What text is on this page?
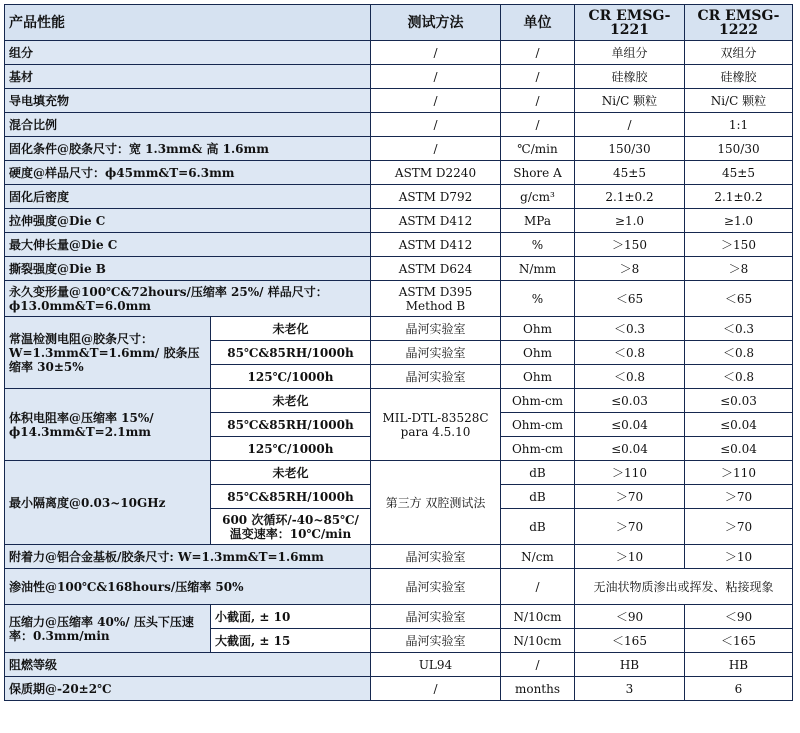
产品性能		测试方法	单位	CR EMSG-1221	CR EMSG-1222
组分		/	/	单组分	双组分
基材		/	/	硅橡胶	硅橡胶
导电填充物		/	/	Ni/C 颗粒	Ni/C 颗粒
混合比例		/	/	/	1:1
固化条件@胶条尺寸：宽 1.3mm& 高 1.6mm		/	℃/min	150/30	150/30
硬度@样品尺寸：ϕ45mm&T=6.3mm		ASTM D2240	Shore A	45±5	45±5
固化后密度		ASTM D792	g/cm³	2.1±0.2	2.1±0.2
拉伸强度@Die C		ASTM D412	MPa	≥1.0	≥1.0
最大伸长量@Die C		ASTM D412	%	＞150	＞150
撕裂强度@Die B		ASTM D624	N/mm	＞8	＞8
永久变形量@100℃&72hours/压缩率 25%/ 样品尺寸：ϕ13.0mm&T=6.0mm		ASTM D395 Method B	%	＜65	＜65
常温检测电阻@胶条尺寸： W=1.3mm&T=1.6mm/ 胶条压缩率 30±5%	未老化	晶河实验室	Ohm	＜0.3	＜0.3
	85℃&85RH/1000h	晶河实验室	Ohm	＜0.8	＜0.8
	125℃/1000h	晶河实验室	Ohm	＜0.8	＜0.8
体积电阻率@压缩率 15%/ ϕ14.3mm&T=2.1mm	未老化	MIL-DTL-83528C para 4.5.10	Ohm-cm	≤0.03	≤0.03
	85℃&85RH/1000h		Ohm-cm	≤0.04	≤0.04
	125℃/1000h		Ohm-cm	≤0.04	≤0.04
最小隔离度@0.03~10GHz	未老化	第三方 双腔测试法	dB	＞110	＞110
	85℃&85RH/1000h		dB	＞70	＞70
	600 次循环/-40~85℃/ 温变速率：10℃/min		dB	＞70	＞70
附着力@铝合金基板/胶条尺寸: W=1.3mm&T=1.6mm		晶河实验室	N/cm	＞10	＞10
渗油性@100℃&168hours/压缩率 50%		晶河实验室	/	无油状物质渗出或挥发、粘接现象	
压缩力@压缩率 40%/ 压头下压速率：0.3mm/min	小截面, ± 10	晶河实验室	N/10cm	＜90	＜90
	大截面, ± 15	晶河实验室	N/10cm	＜165	＜165
阻燃等级		UL94	/	HB	HB
保质期@-20±2℃		/	months	3	6
